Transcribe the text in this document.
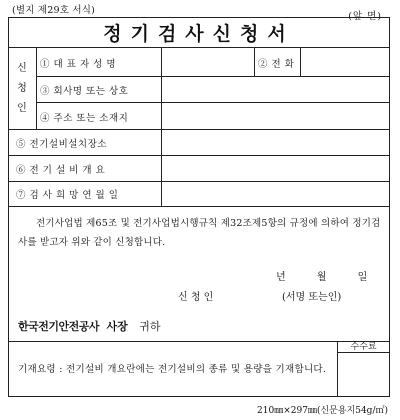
(별지 제29호 서식)
(앞 면)
정기검사신청서
신
청
인
① 대 표 자 성 명	② 전 화
③ 회사명 또는 상호
④ 주소 또는 소재지
⑤ 전기설비설치장소
⑥ 전 기 설 비 개 요
⑦ 검 사 희 망 연 월 일
전기사업법 제65조 및 전기사업법시행규칙 제32조제5항의 규정에 의하여 정기검사를 받고자 위와 같이 신청합니다.
년 월 일
신 청 인	(서명 또는인)
한국전기안전공사 사장 귀하
수수료
기재요령 : 전기설비 개요란에는 전기설비의 종류 및 용량을 기재합니다.
210㎜×297㎜(신문용지54g/㎡)
